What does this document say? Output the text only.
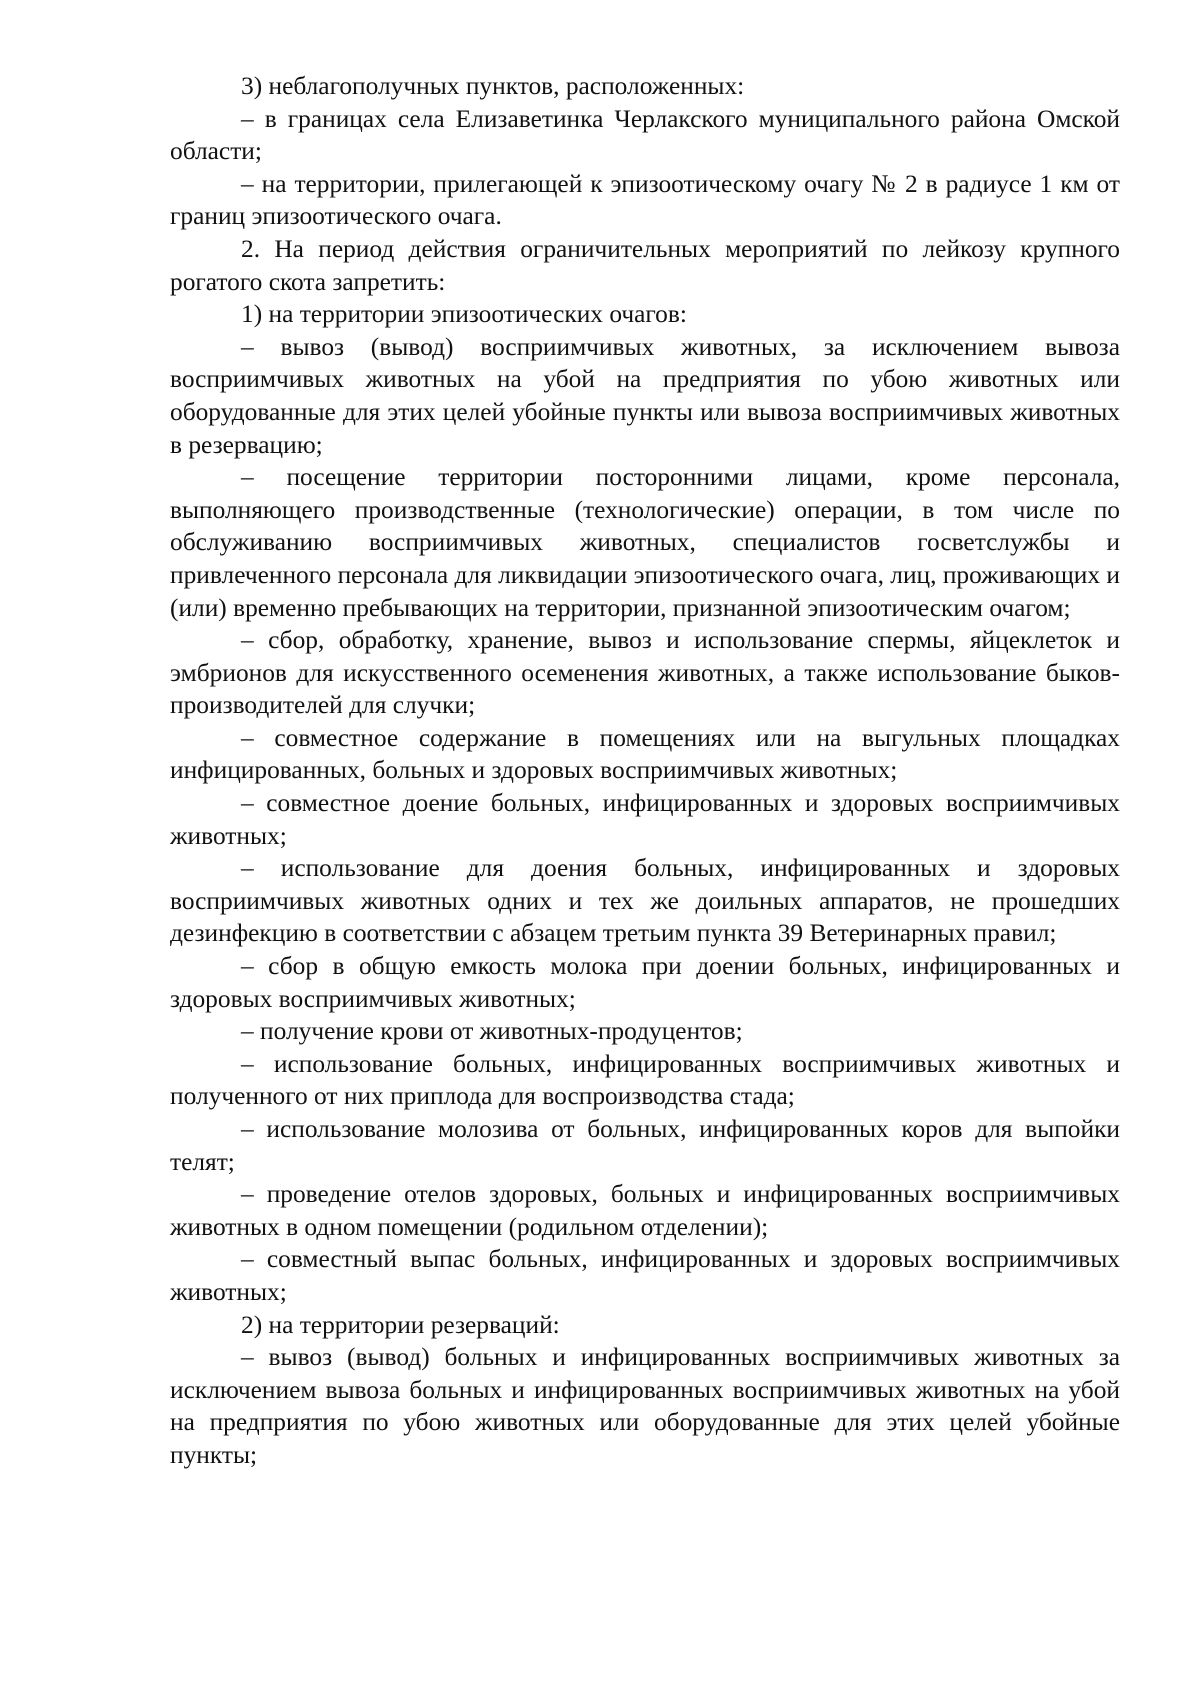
3) неблагополучных пунктов, расположенных:

– в границах села Елизаветинка Черлакского муниципального района Омской области;

– на территории, прилегающей к эпизоотическому очагу № 2 в радиусе 1 км от границ эпизоотического очага.

2. На период действия ограничительных мероприятий по лейкозу крупного рогатого скота запретить:

1) на территории эпизоотических очагов:

– вывоз (вывод) восприимчивых животных, за исключением вывоза восприимчивых животных на убой на предприятия по убою животных или оборудованные для этих целей убойные пункты или вывоза восприимчивых животных в резервацию;

– посещение территории посторонними лицами, кроме персонала, выполняющего производственные (технологические) операции, в том числе по обслуживанию восприимчивых животных, специалистов госветслужбы и привлеченного персонала для ликвидации эпизоотического очага, лиц, проживающих и (или) временно пребывающих на территории, признанной эпизоотическим очагом;

– сбор, обработку, хранение, вывоз и использование спермы, яйцеклеток и эмбрионов для искусственного осеменения животных, а также использование быков-производителей для случки;

– совместное содержание в помещениях или на выгульных площадках инфицированных, больных и здоровых восприимчивых животных;

– совместное доение больных, инфицированных и здоровых восприимчивых животных;

– использование для доения больных, инфицированных и здоровых восприимчивых животных одних и тех же доильных аппаратов, не прошедших дезинфекцию в соответствии с абзацем третьим пункта 39 Ветеринарных правил;

– сбор в общую емкость молока при доении больных, инфицированных и здоровых восприимчивых животных;

– получение крови от животных-продуцентов;

– использование больных, инфицированных восприимчивых животных и полученного от них приплода для воспроизводства стада;

– использование молозива от больных, инфицированных коров для выпойки телят;

– проведение отелов здоровых, больных и инфицированных восприимчивых животных в одном помещении (родильном отделении);

– совместный выпас больных, инфицированных и здоровых восприимчивых животных;

2) на территории резерваций:

– вывоз (вывод) больных и инфицированных восприимчивых животных за исключением вывоза больных и инфицированных восприимчивых животных на убой на предприятия по убою животных или оборудованные для этих целей убойные пункты;
